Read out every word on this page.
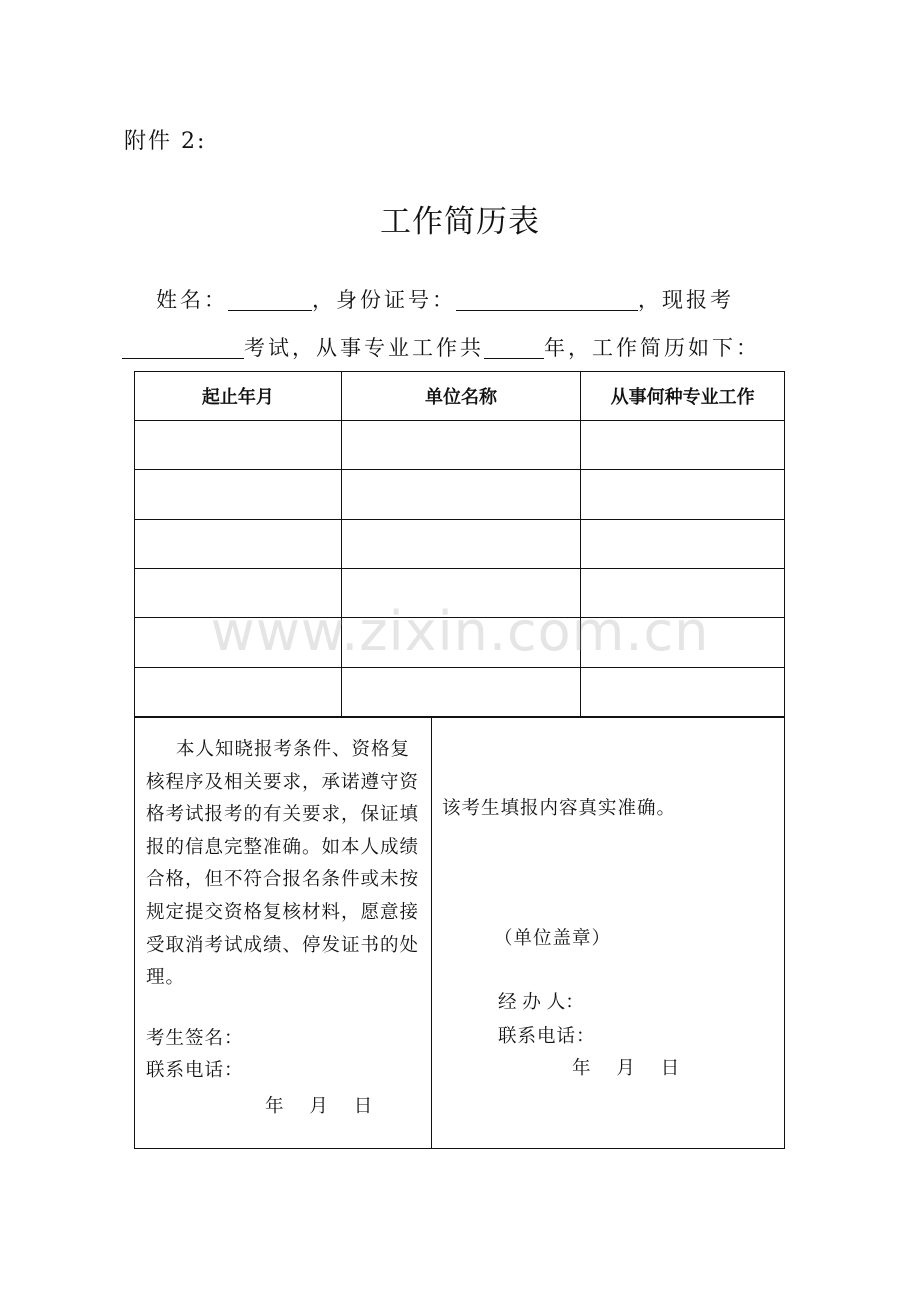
附件 2:
工作简历表
姓名：	，身份证号：	，现报考
考试，从事专业工作共	年，工作简历如下：
起止年月	单位名称	从事何种专业工作

本人知晓报考条件、资格复核程序及相关要求，承诺遵守资格考试报考的有关要求，保证填报的信息完整准确。如本人成绩合格，但不符合报名条件或未按规定提交资格复核材料，愿意接受取消考试成绩、停发证书的处理。
考生签名：
联系电话：
年 月 日

该考生填报内容真实准确。
（单位盖章）
经 办 人：
联系电话：
年 月 日
www.zixin.com.cn
